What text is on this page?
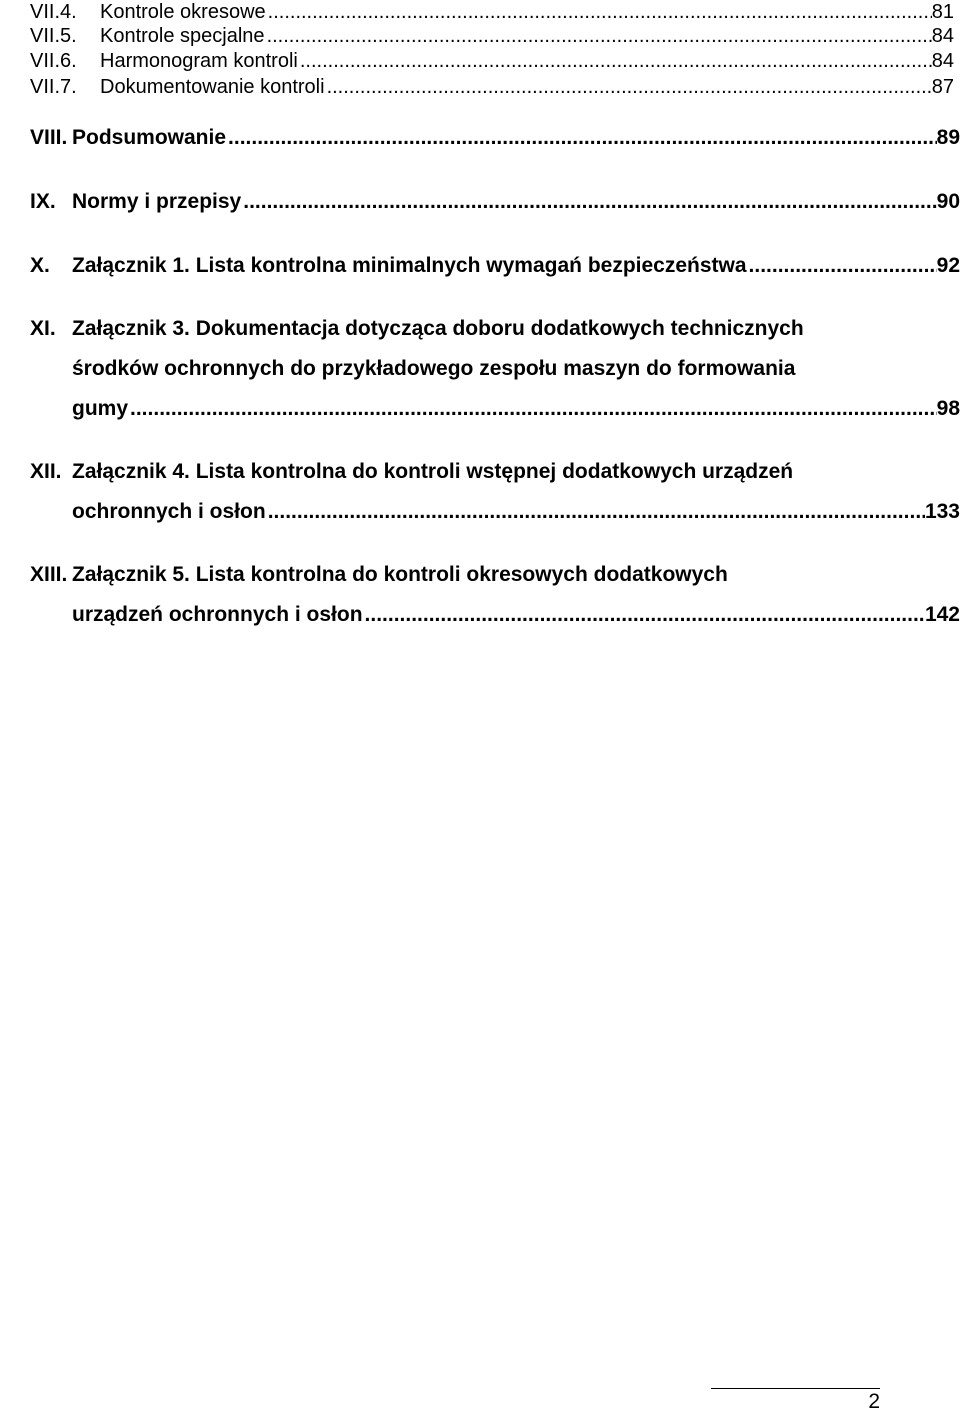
VII.4.	Kontrole okresowe .....	81
VII.5.	Kontrole specjalne .....	84
VII.6.	Harmonogram kontroli .....	84
VII.7.	Dokumentowanie kontroli .....	87
VIII. Podsumowanie .....	89
IX. Normy i przepisy .....	90
X.	Załącznik 1. Lista kontrolna minimalnych wymagań bezpieczeństwa .....	92
XI. Załącznik 3. Dokumentacja dotycząca doboru dodatkowych technicznych
środków ochronnych do przykładowego zespołu maszyn do formowania
gumy .....	98
XII. Załącznik 4. Lista kontrolna do kontroli wstępnej dodatkowych urządzeń
ochronnych i osłon .....	133
XIII. Załącznik 5. Lista kontrolna do kontroli okresowych dodatkowych
urządzeń ochronnych i osłon .....	142
2
